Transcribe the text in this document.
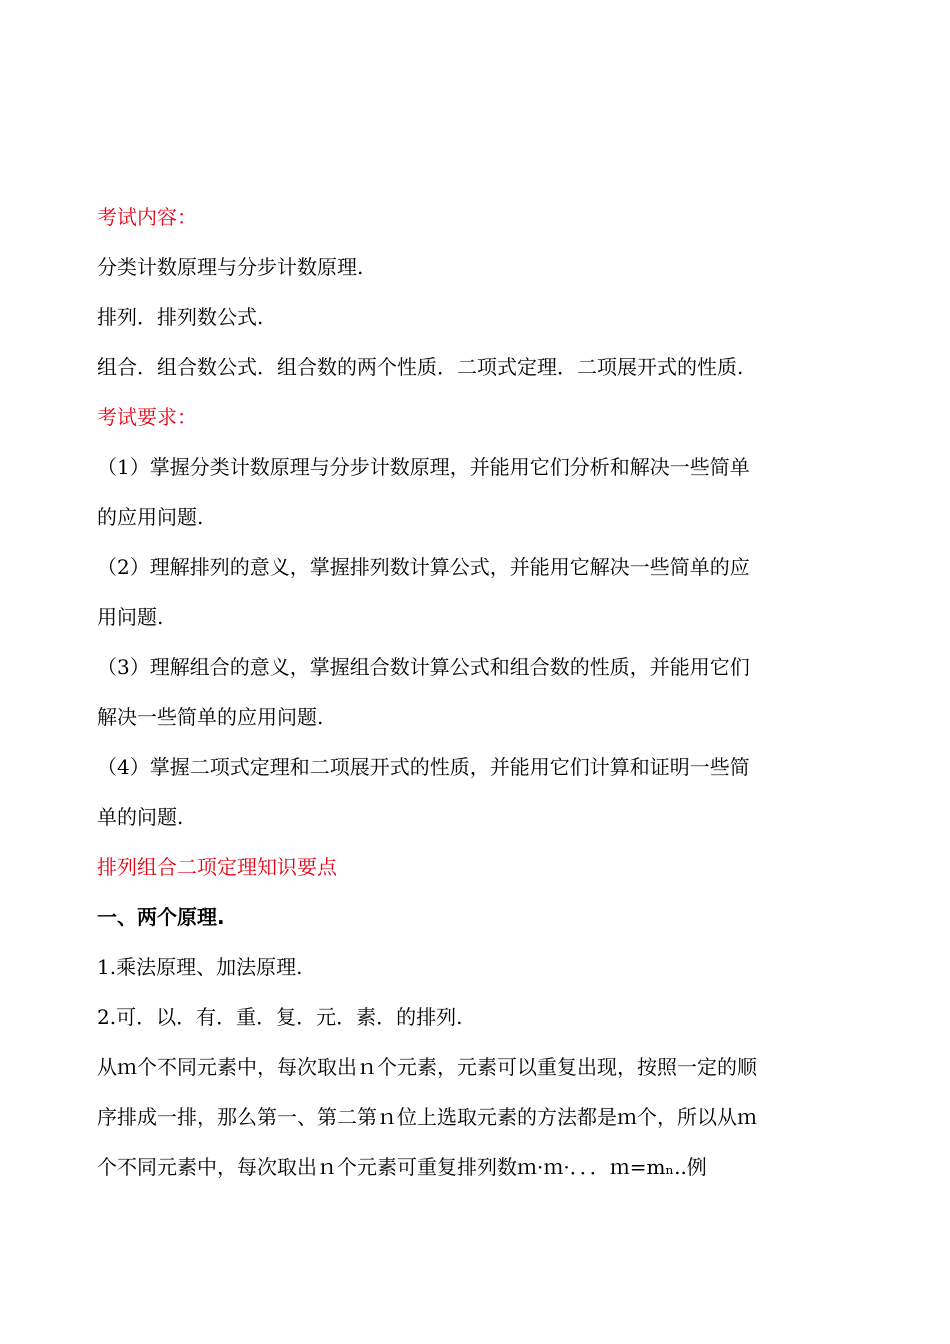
考试内容：
分类计数原理与分步计数原理.
排列．排列数公式.
组合．组合数公式．组合数的两个性质．二项式定理．二项展开式的性质.
考试要求：
（1）掌握分类计数原理与分步计数原理，并能用它们分析和解决一些简单
的应用问题.
（2）理解排列的意义，掌握排列数计算公式，并能用它解决一些简单的应
用问题.
（3）理解组合的意义，掌握组合数计算公式和组合数的性质，并能用它们
解决一些简单的应用问题.
（4）掌握二项式定理和二项展开式的性质，并能用它们计算和证明一些简
单的问题.
排列组合二项定理知识要点
一、两个原理.
1.乘法原理、加法原理.
2.可．以．有．重．复．元．素．的排列.
从ｍ个不同元素中，每次取出ｎ个元素，元素可以重复出现，按照一定的顺
序排成一排，那么第一、第二第ｎ位上选取元素的方法都是ｍ个，所以从ｍ
个不同元素中，每次取出ｎ个元素可重复排列数ｍ·ｍ·．．．ｍ=mₙ..例
